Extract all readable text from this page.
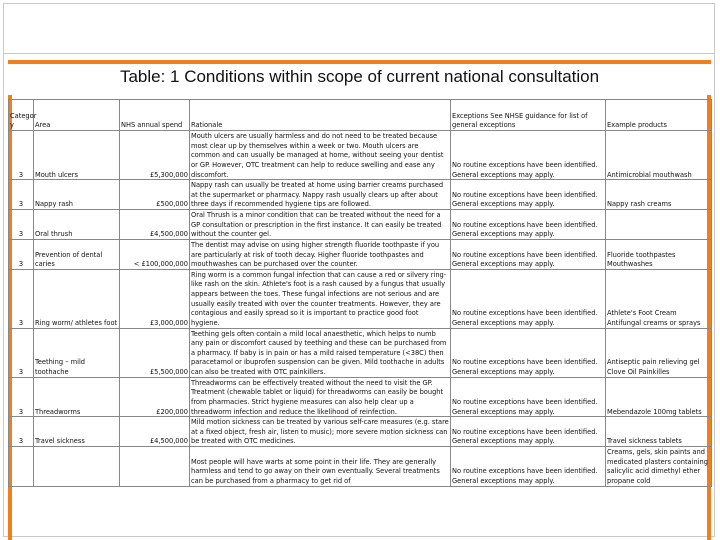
Table: 1 Conditions within scope of current national consultation
Categor y	Area	NHS annual spend	Rationale	Exceptions See NHSE guidance for list of general exceptions	Example products
3	Mouth ulcers	£5,300,000	Mouth ulcers are usually harmless and do not need to be treated because most clear up by themselves within a week or two. Mouth ulcers are common and can usually be managed at home, without seeing your dentist or GP. However, OTC treatment can help to reduce swelling and ease any discomfort.	No routine exceptions have been identified. General exceptions may apply.	Antimicrobial mouthwash
3	Nappy rash	£500,000	Nappy rash can usually be treated at home using barrier creams purchased at the supermarket or pharmacy. Nappy rash usually clears up after about three days if recommended hygiene tips are followed.	No routine exceptions have been identified. General exceptions may apply.	Nappy rash creams
3	Oral thrush	£4,500,000	Oral Thrush is a minor condition that can be treated without the need for a GP consultation or prescription in the first instance. It can easily be treated without the counter gel.	No routine exceptions have been identified. General exceptions may apply.	
3	Prevention of dental caries	< £100,000,000	The dentist may advise on using higher strength fluoride toothpaste if you are particularly at risk of tooth decay. Higher fluoride toothpastes and mouthwashes can be purchased over the counter.	No routine exceptions have been identified. General exceptions may apply.	Fluoride toothpastes Mouthwashes
3	Ring worm/ athletes foot	£3,000,000	Ring worm is a common fungal infection that can cause a red or silvery ring-like rash on the skin. Athlete's foot is a rash caused by a fungus that usually appears between the toes. These fungal infections are not serious and are usually easily treated with over the counter treatments. However, they are contagious and easily spread so it is important to practice good foot hygiene.	No routine exceptions have been identified. General exceptions may apply.	Athlete's Foot Cream Antifungal creams or sprays
3	Teething – mild toothache	£5,500,000	Teething gels often contain a mild local anaesthetic, which helps to numb any pain or discomfort caused by teething and these can be purchased from a pharmacy. If baby is in pain or has a mild raised temperature (<38C) then paracetamol or ibuprofen suspension can be given. Mild toothache in adults can also be treated with OTC painkillers.	No routine exceptions have been identified. General exceptions may apply.	Antiseptic pain relieving gel Clove Oil Painkilles
3	Threadworms	£200,000	Threadworms can be effectively treated without the need to visit the GP. Treatment (chewable tablet or liquid) for threadworms can easily be bought from pharmacies. Strict hygiene measures can also help clear up a threadworm infection and reduce the likelihood of reinfection.	No routine exceptions have been identified. General exceptions may apply.	Mebendazole 100mg tablets
3	Travel sickness	£4,500,000	Mild motion sickness can be treated by various self-care measures (e.g. stare at a fixed object, fresh air, listen to music); more severe motion sickness can be treated with OTC medicines.	No routine exceptions have been identified. General exceptions may apply.	Travel sickness tablets
			Most people will have warts at some point in their life. They are generally harmless and tend to go away on their own eventually. Several treatments can be purchased from a pharmacy to get rid of	No routine exceptions have been identified. General exceptions may apply.	Creams, gels, skin paints and medicated plasters containing salicylic acid dimethyl ether propane cold
